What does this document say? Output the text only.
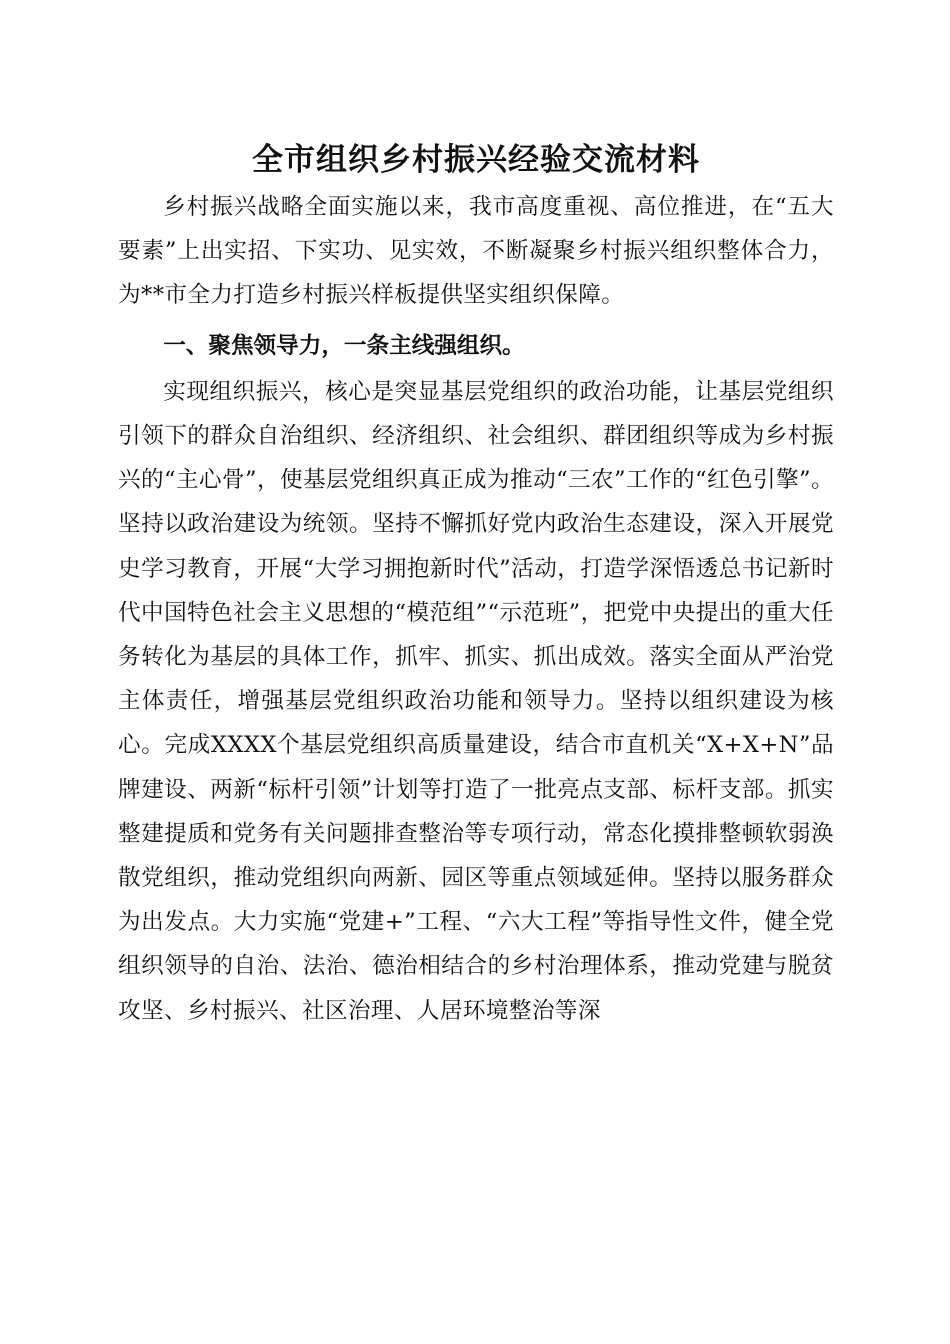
全市组织乡村振兴经验交流材料

乡村振兴战略全面实施以来，我市高度重视、高位推进，在“五大要素”上出实招、下实功、见实效，不断凝聚乡村振兴组织整体合力，为**市全力打造乡村振兴样板提供坚实组织保障。

一、聚焦领导力，一条主线强组织。

实现组织振兴，核心是突显基层党组织的政治功能，让基层党组织引领下的群众自治组织、经济组织、社会组织、群团组织等成为乡村振兴的“主心骨”，使基层党组织真正成为推动“三农”工作的“红色引擎”。坚持以政治建设为统领。坚持不懈抓好党内政治生态建设，深入开展党史学习教育，开展“大学习拥抱新时代”活动，打造学深悟透总书记新时代中国特色社会主义思想的“模范组”“示范班”，把党中央提出的重大任务转化为基层的具体工作，抓牢、抓实、抓出成效。落实全面从严治党主体责任，增强基层党组织政治功能和领导力。坚持以组织建设为核心。完成XXXX个基层党组织高质量建设，结合市直机关“X+X+N”品牌建设、两新“标杆引领”计划等打造了一批亮点支部、标杆支部。抓实整建提质和党务有关问题排查整治等专项行动，常态化摸排整顿软弱涣散党组织，推动党组织向两新、园区等重点领域延伸。坚持以服务群众为出发点。大力实施“党建+”工程、“六大工程”等指导性文件，健全党组织领导的自治、法治、德治相结合的乡村治理体系，推动党建与脱贫攻坚、乡村振兴、社区治理、人居环境整治等深
